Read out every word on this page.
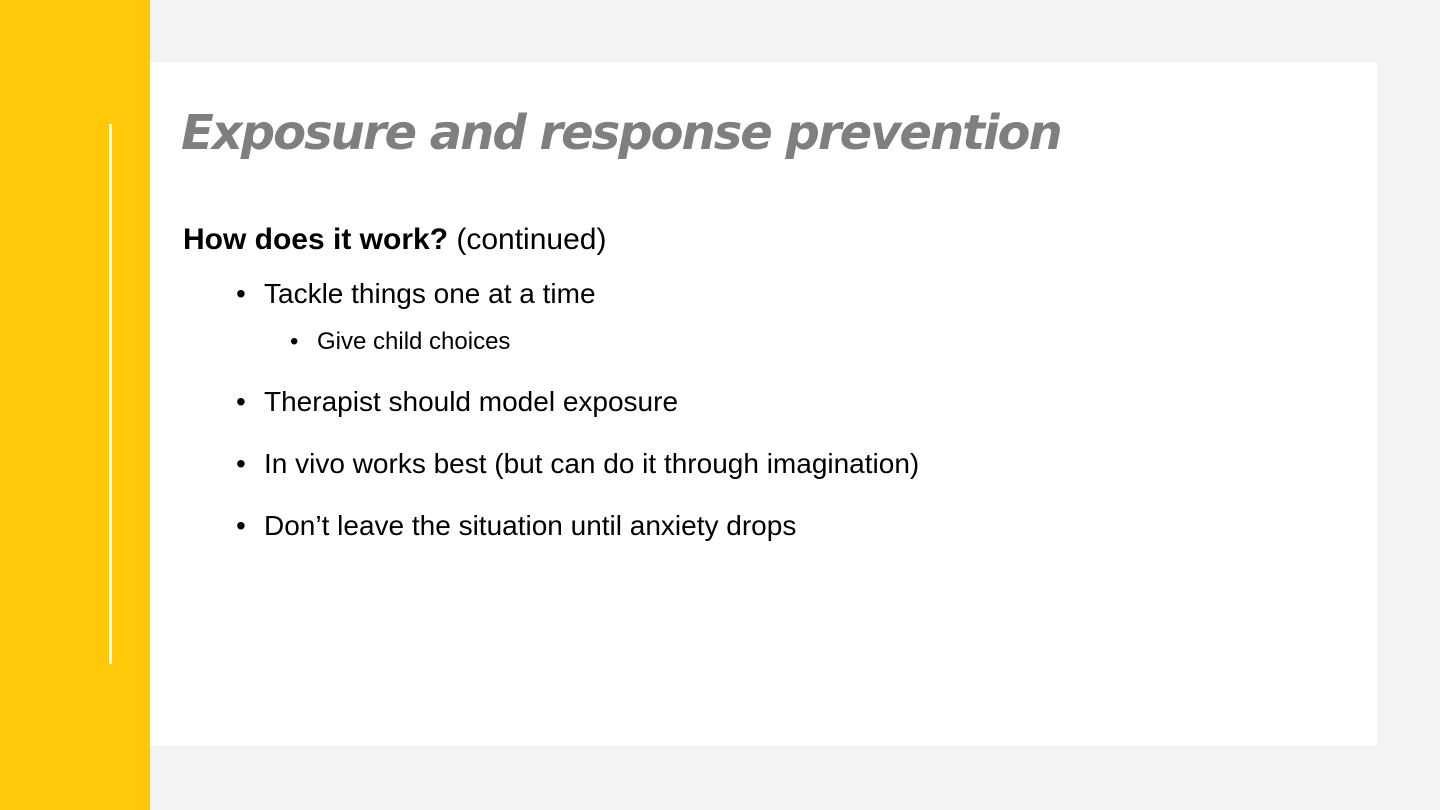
Exposure and response prevention
How does it work? (continued)
• Tackle things one at a time
• Give child choices
• Therapist should model exposure
• In vivo works best (but can do it through imagination)
• Don’t leave the situation until anxiety drops
